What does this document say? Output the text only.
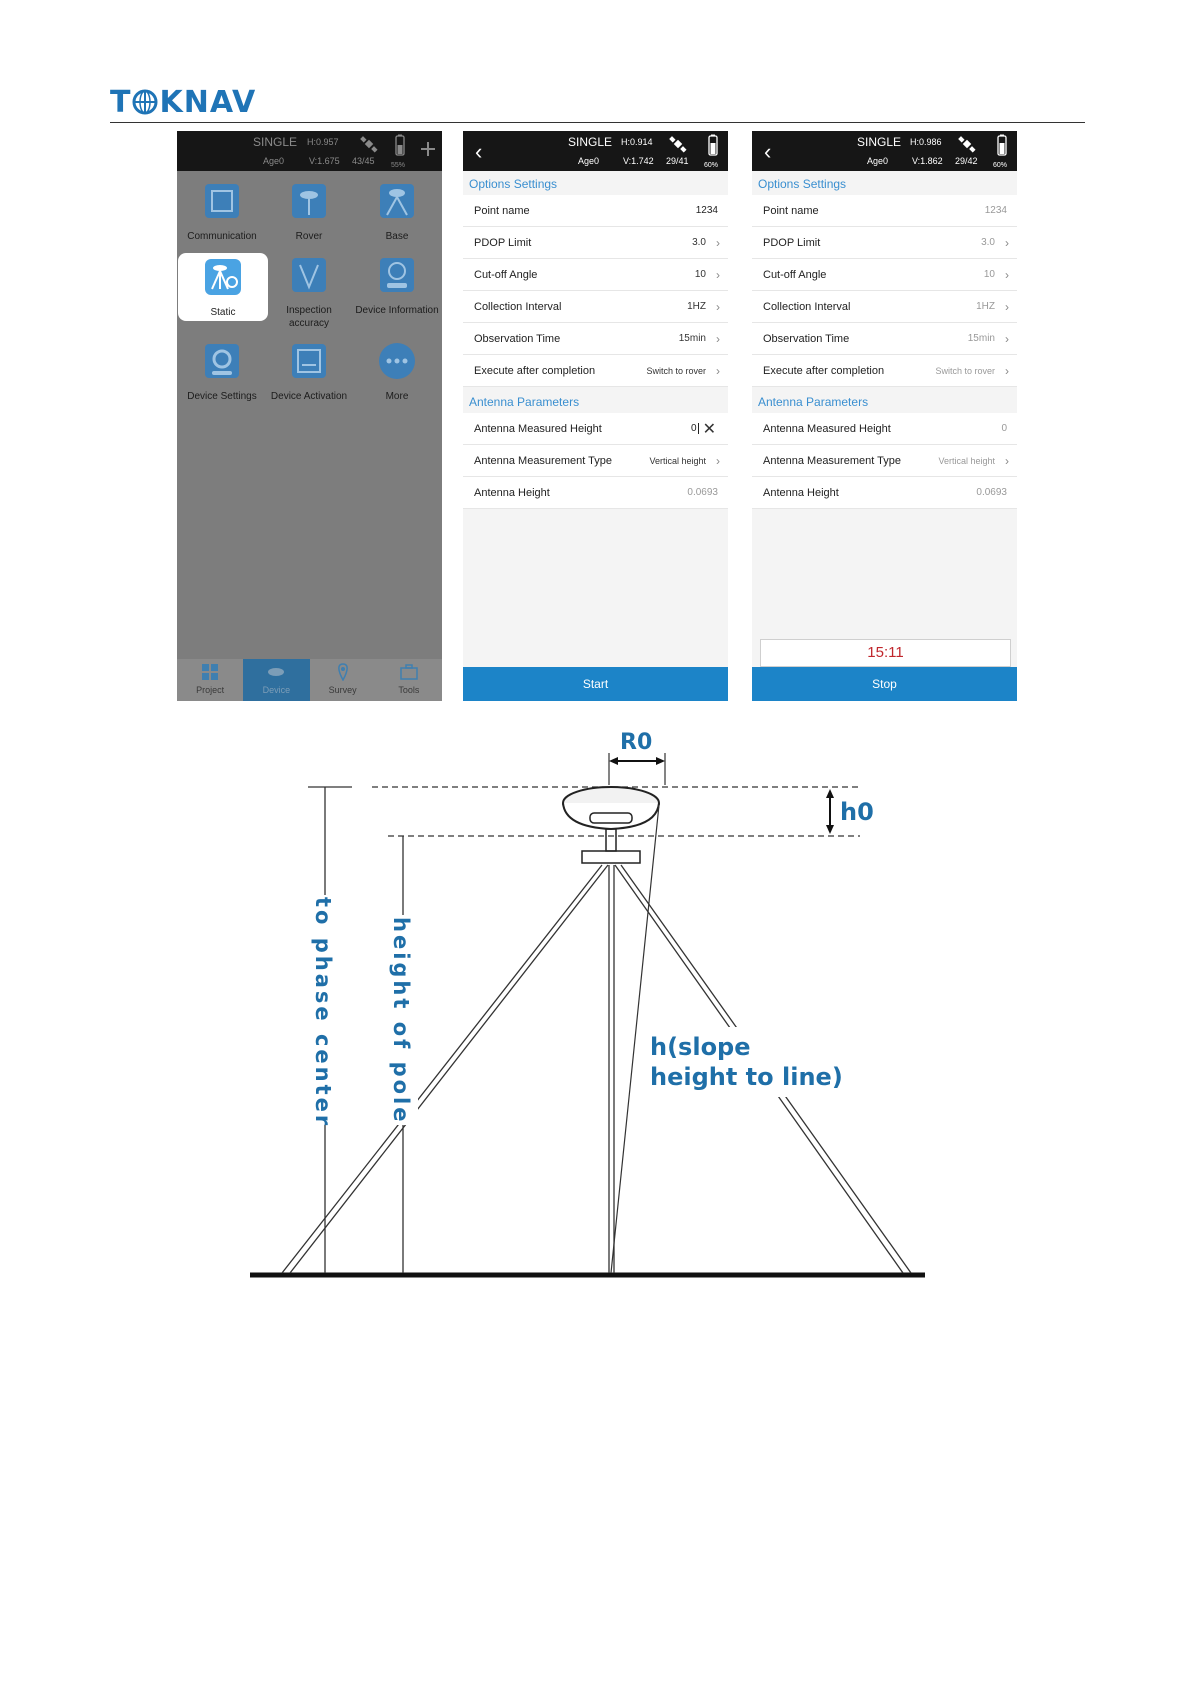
T KNAV
SINGLE H:0.957
Age0	V:1.675 43/45 55%
Communication	Rover	Base
Static	Inspection accuracy
Device Information
Device Settings	Device Activation	More
Project	Device	Survey	Tools
‹	SINGLE H:0.914
Age0	V:1.742 29/41 60%
Options Settings
Point name	1234
PDOP Limit	3.0 ›
Cut-off Angle	10 ›
Collection Interval	1HZ ›
Observation Time	15min ›
Execute after completion	Switch to rover ›
Antenna Parameters
Antenna Measured Height	0 ✕
Antenna Measurement Type	Vertical height ›
Antenna Height	0.0693
Start
‹	SINGLE H:0.986
Age0	V:1.862 29/42 60%
Options Settings
Point name	1234
PDOP Limit	3.0 ›
Cut-off Angle	10 ›
Collection Interval	1HZ ›
Observation Time	15min ›
Execute after completion	Switch to rover ›
Antenna Parameters
Antenna Measured Height	0
Antenna Measurement Type	Vertical height ›
Antenna Height	0.0693
15:11
Stop
R0
h0
to phase center	height of pole	h(slope
height to line)
